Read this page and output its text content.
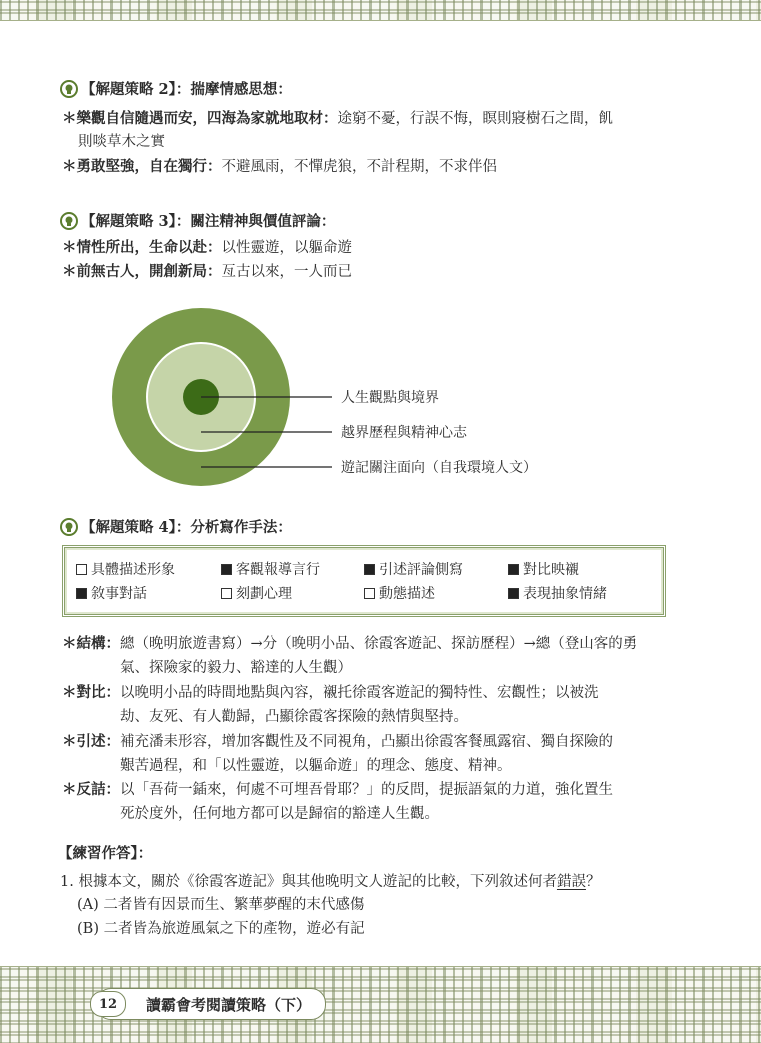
【解題策略 2】：揣摩情感思想：
＊樂觀自信隨遇而安，四海為家就地取材：途窮不憂，行誤不悔，瞑則寢樹石之間，飢
則啖草木之實
＊勇敢堅強，自在獨行：不避風雨，不憚虎狼，不計程期，不求伴侶
【解題策略 3】：關注精神與價值評論：
＊情性所出，生命以赴：以性靈遊，以軀命遊
＊前無古人，開創新局：亙古以來，一人而已
人生觀點與境界
越界歷程與精神心志
遊記關注面向（自我環境人文）
【解題策略 4】：分析寫作手法：
具體描述形象	客觀報導言行	引述評論側寫	對比映襯
敘事對話	刻劃心理	動態描述	表現抽象情緒
＊結構： 總（晚明旅遊書寫）→分（晚明小品、徐霞客遊記、探訪歷程）→總（登山客的勇
氣、探險家的毅力、豁達的人生觀）
＊對比： 以晚明小品的時間地點與內容，襯托徐霞客遊記的獨特性、宏觀性；以被洗
劫、友死、有人勸歸，凸顯徐霞客探險的熱情與堅持。
＊引述： 補充潘耒形容，增加客觀性及不同視角，凸顯出徐霞客餐風露宿、獨自探險的
艱苦過程，和「以性靈遊，以軀命遊」的理念、態度、精神。
＊反詰： 以「吾荷一鍤來，何處不可埋吾骨耶？」的反問，提振語氣的力道，強化置生
死於度外，任何地方都可以是歸宿的豁達人生觀。
【練習作答】：
1. 根據本文，關於《徐霞客遊記》與其他晚明文人遊記的比較，下列敘述何者錯誤？
(A) 二者皆有因景而生、繁華夢醒的末代感傷
(B) 二者皆為旅遊風氣之下的產物，遊必有記
12	讀霸會考閱讀策略（下）
